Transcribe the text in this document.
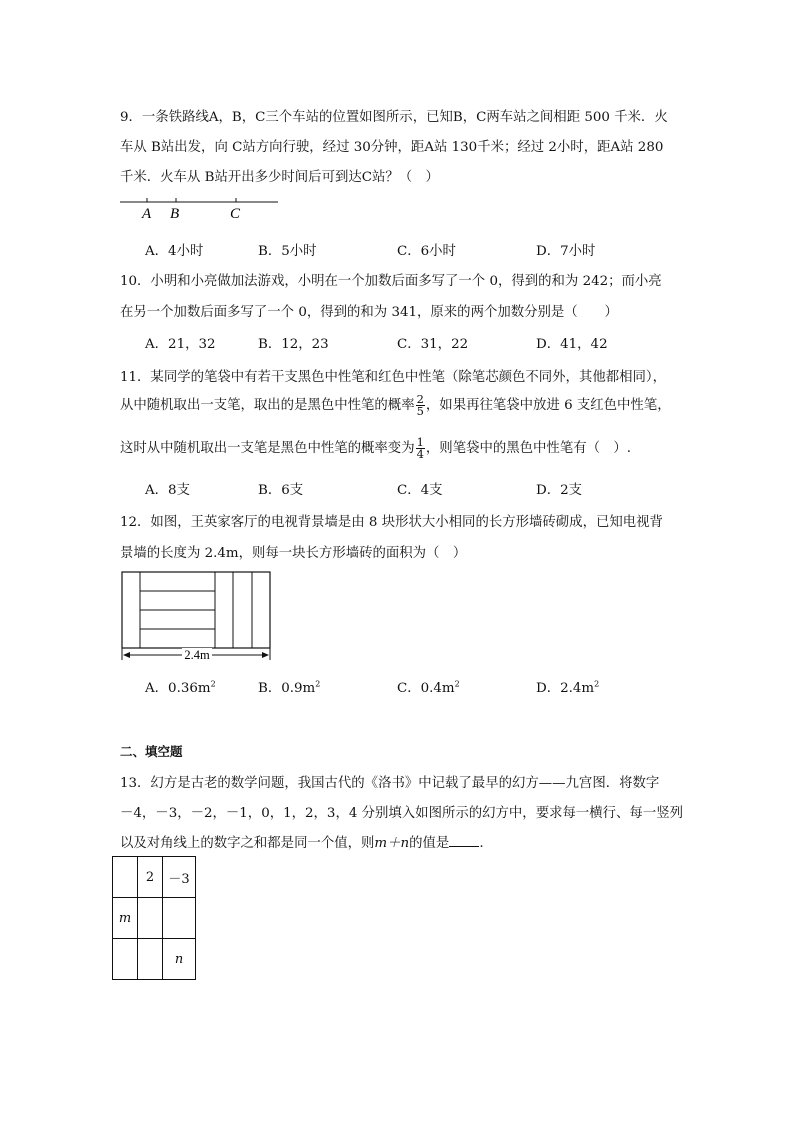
9．一条铁路线A，B，C三个车站的位置如图所示，已知B，C两车站之间相距 500 千米．火
车从 B站出发，向 C站方向行驶，经过 30分钟，距A站 130千米；经过 2小时，距A站 280
千米．火车从 B站开出多少时间后可到达C站？（　）
A B	C
A．4小时	B．5小时	C．6小时	D．7小时
10．小明和小亮做加法游戏，小明在一个加数后面多写了一个 0，得到的和为 242；而小亮
在另一个加数后面多写了一个 0，得到的和为 341，原来的两个加数分别是（　　）
A．21，32	B．12，23	C．31，22	D．41，42
11．某同学的笔袋中有若干支黑色中性笔和红色中性笔（除笔芯颜色不同外，其他都相同），
从中随机取出一支笔，取出的是黑色中性笔的概率 $\frac{2}{5}$ ，如果再往笔袋中放进 6 支红色中性笔，
这时从中随机取出一支笔是黑色中性笔的概率变为 $\frac{1}{4}$ ，则笔袋中的黑色中性笔有（　）.
A．8支	B．6支	C．4支	D．2支
12．如图，王英家客厅的电视背景墙是由 8 块形状大小相同的长方形墙砖砌成，已知电视背
景墙的长度为 2.4m，则每一块长方形墙砖的面积为（　）
2.4m
A．$0.36m^2$	B．$0.9m^2$	C．$0.4m^2$	D．$2.4m^2$
二、填空题
13．幻方是古老的数学问题，我国古代的《洛书》中记载了最早的幻方——九宫图．将数字
－4，－3，－2，－1，0，1，2，3，4 分别填入如图所示的幻方中，要求每一横行、每一竖列
以及对角线上的数字之和都是同一个值，则m＋n的值是 .
	2	－3
m		
		n
